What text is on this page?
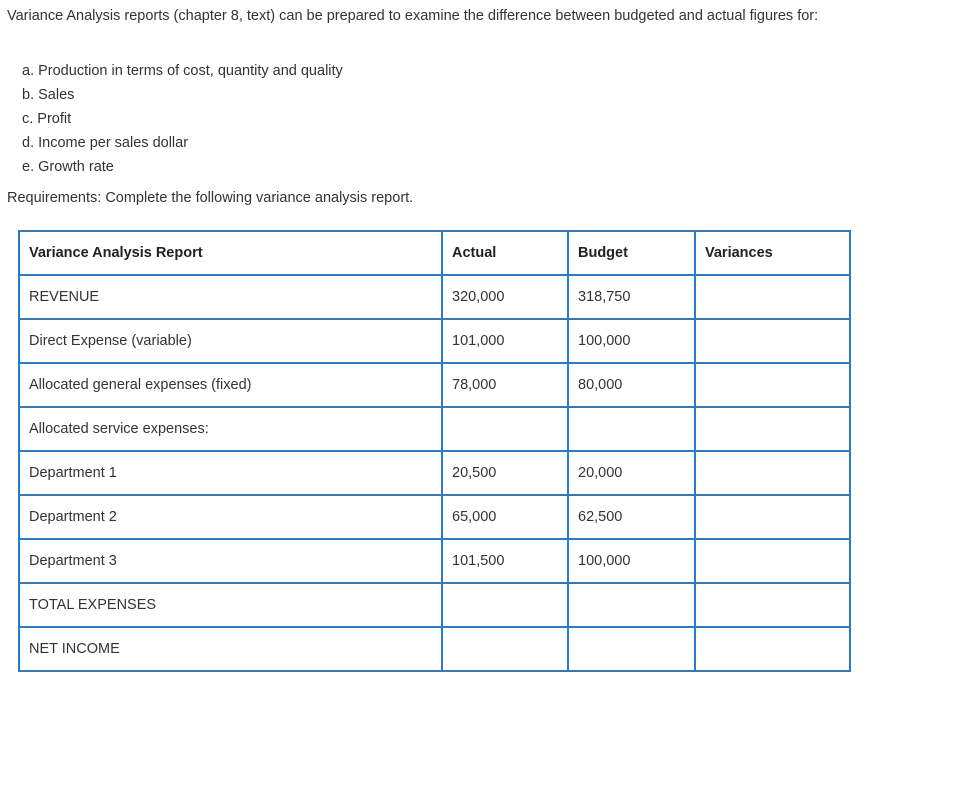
Variance Analysis reports (chapter 8, text) can be prepared to examine the difference between budgeted and actual figures for:

a. Production in terms of cost, quantity and quality
b. Sales
c. Profit
d. Income per sales dollar
e. Growth rate

Requirements: Complete the following variance analysis report.

Variance Analysis Report	Actual	Budget	Variances
REVENUE	320,000	318,750	
Direct Expense (variable)	101,000	100,000	
Allocated general expenses (fixed)	78,000	80,000	
Allocated service expenses:			
Department 1	20,500	20,000	
Department 2	65,000	62,500	
Department 3	101,500	100,000	
TOTAL EXPENSES			
NET INCOME			
